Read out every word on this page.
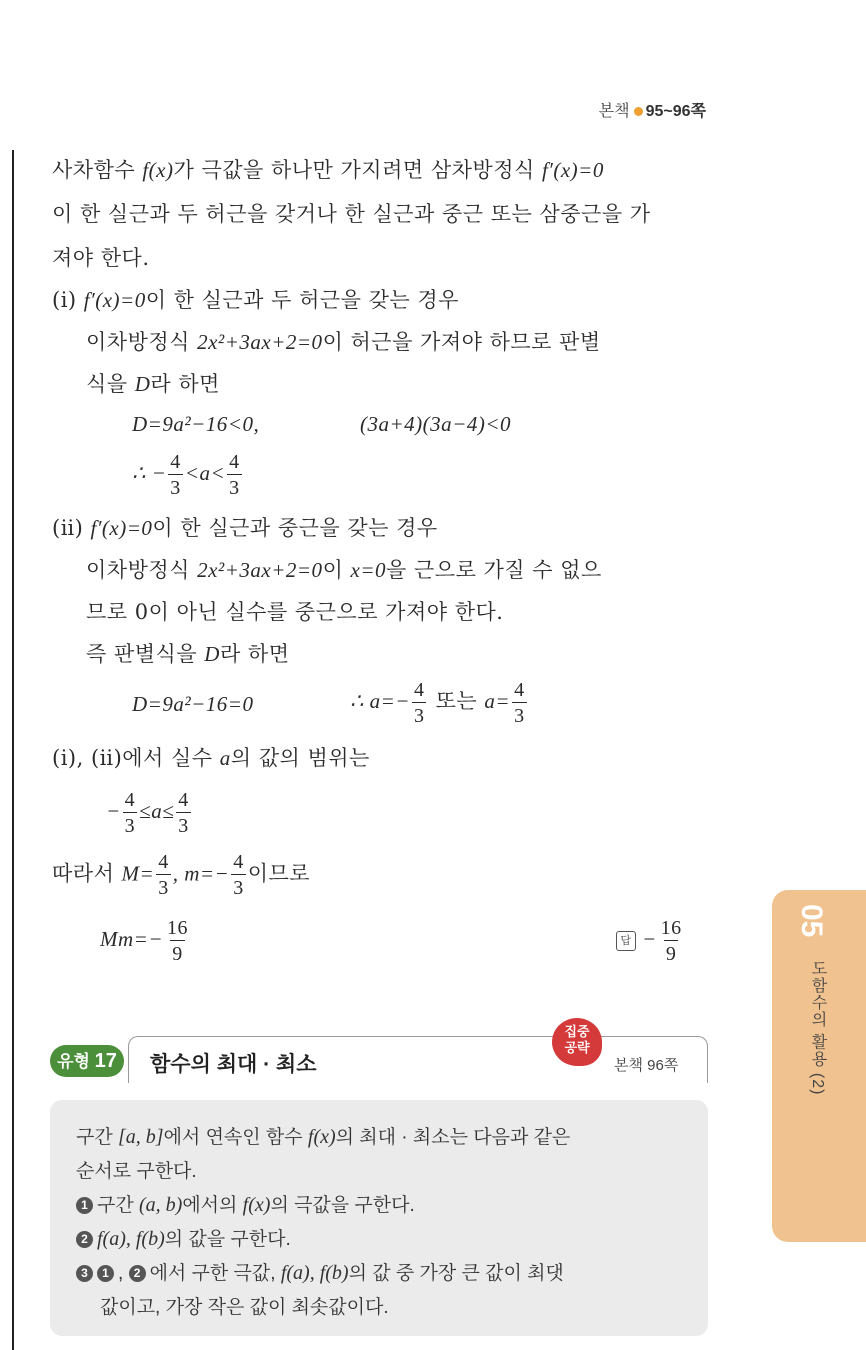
본책 95~96쪽
사차함수 f(x)가 극값을 하나만 가지려면 삼차방정식 f′(x)=0
이 한 실근과 두 허근을 갖거나 한 실근과 중근 또는 삼중근을 가
져야 한다.
(ⅰ) f′(x)=0이 한 실근과 두 허근을 갖는 경우
이차방정식 2x²+3ax+2=0이 허근을 가져야 하므로 판별
식을 D라 하면
D=9a²−16<0,	(3a+4)(3a−4)<0
∴ − $\frac{4}{3} <a< \frac{4}{3}$
(ⅱ) f′(x)=0이 한 실근과 중근을 갖는 경우
이차방정식 2x²+3ax+2=0이 x=0을 근으로 가질 수 없으
므로 0이 아닌 실수를 중근으로 가져야 한다.
즉 판별식을 D라 하면
D=9a²−16=0	∴ $a=- \frac{4}{3}$ 또는 $a= \frac{4}{3}$
(ⅰ), (ⅱ)에서 실수 a의 값의 범위는
− $\frac{4}{3} \le a\le \frac{4}{3}$
따라서 $M= \frac{4}{3}$ , $m=- \frac{4}{3}$ 이므로
$Mm=- \frac{16}{9}$	답 − $\frac{16}{9}$	05
도함수의 활용 (2)
유형 17	함수의 최대 · 최소
집중
공략
본책 96쪽
구간 [a, b]에서 연속인 함수 f(x)의 최대 · 최소는 다음과 같은
순서로 구한다.
1 구간 (a, b)에서의 f(x)의 극값을 구한다.
2 f(a), f(b)의 값을 구한다.
3 1 , 2 에서 구한 극값, f(a), f(b)의 값 중 가장 큰 값이 최댓
값이고, 가장 작은 값이 최솟값이다.
